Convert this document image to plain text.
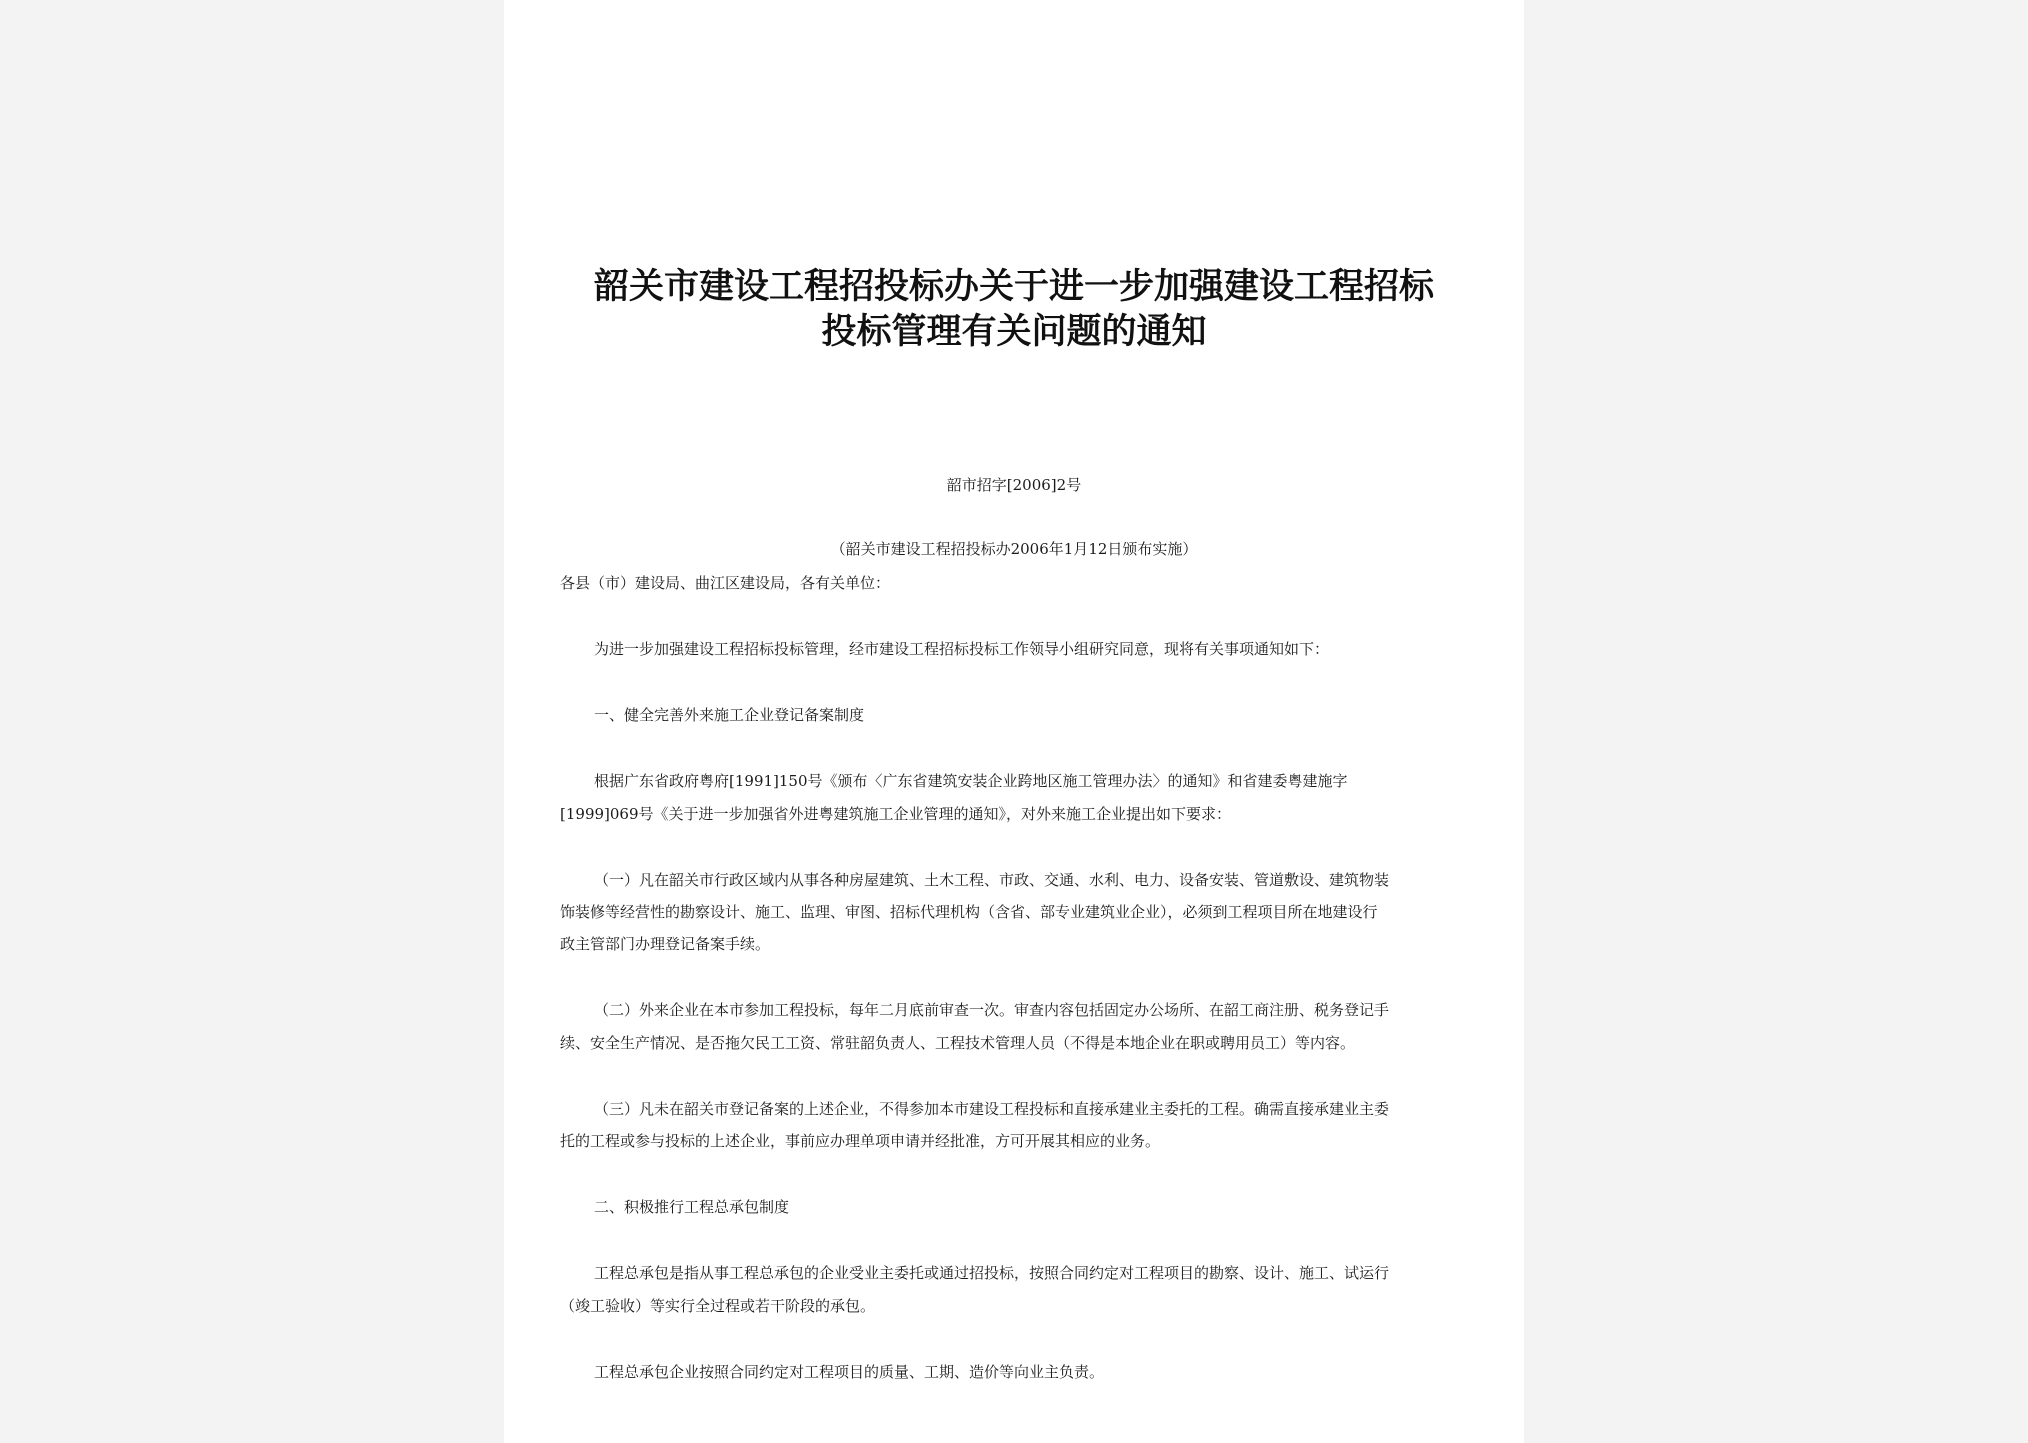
韶关市建设工程招投标办关于进一步加强建设工程招标
投标管理有关问题的通知
韶市招字[2006]2号
（韶关市建设工程招投标办2006年1月12日颁布实施）
各县（市）建设局、曲江区建设局，各有关单位：
为进一步加强建设工程招标投标管理，经市建设工程招标投标工作领导小组研究同意，现将有关事项通知如下：
一、健全完善外来施工企业登记备案制度
根据广东省政府粤府[1991]150号《颁布〈广东省建筑安装企业跨地区施工管理办法〉的通知》和省建委粤建施字
[1999]069号《关于进一步加强省外进粤建筑施工企业管理的通知》，对外来施工企业提出如下要求：
（一）凡在韶关市行政区域内从事各种房屋建筑、土木工程、市政、交通、水利、电力、设备安装、管道敷设、建筑物装
饰装修等经营性的勘察设计、施工、监理、审图、招标代理机构（含省、部专业建筑业企业），必须到工程项目所在地建设行
政主管部门办理登记备案手续。
（二）外来企业在本市参加工程投标，每年二月底前审查一次。审查内容包括固定办公场所、在韶工商注册、税务登记手
续、安全生产情况、是否拖欠民工工资、常驻韶负责人、工程技术管理人员（不得是本地企业在职或聘用员工）等内容。
（三）凡未在韶关市登记备案的上述企业，不得参加本市建设工程投标和直接承建业主委托的工程。确需直接承建业主委
托的工程或参与投标的上述企业，事前应办理单项申请并经批准，方可开展其相应的业务。
二、积极推行工程总承包制度
工程总承包是指从事工程总承包的企业受业主委托或通过招投标，按照合同约定对工程项目的勘察、设计、施工、试运行
（竣工验收）等实行全过程或若干阶段的承包。
工程总承包企业按照合同约定对工程项目的质量、工期、造价等向业主负责。
